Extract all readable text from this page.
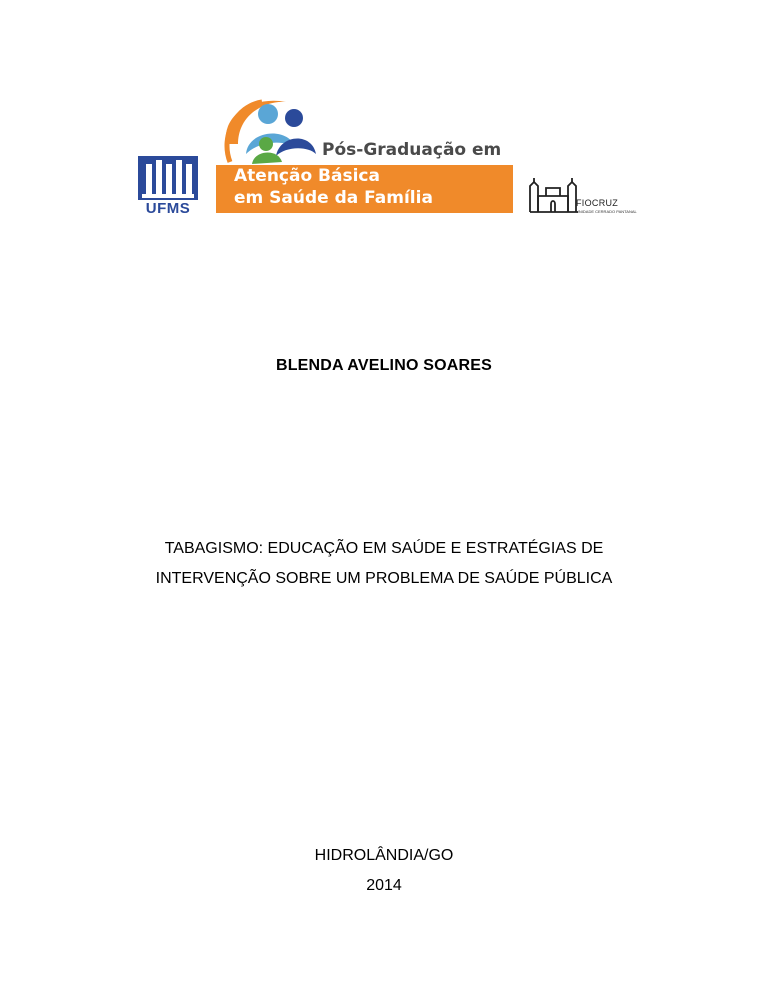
UFMS
Pós-Graduação em
Atenção Básica
em Saúde da Família	FIOCRUZ
UNIDADE CERRADO PANTANAL
BLENDA AVELINO SOARES
TABAGISMO: EDUCAÇÃO EM SAÚDE E ESTRATÉGIAS DE
INTERVENÇÃO SOBRE UM PROBLEMA DE SAÚDE PÚBLICA
HIDROLÂNDIA/GO
2014
